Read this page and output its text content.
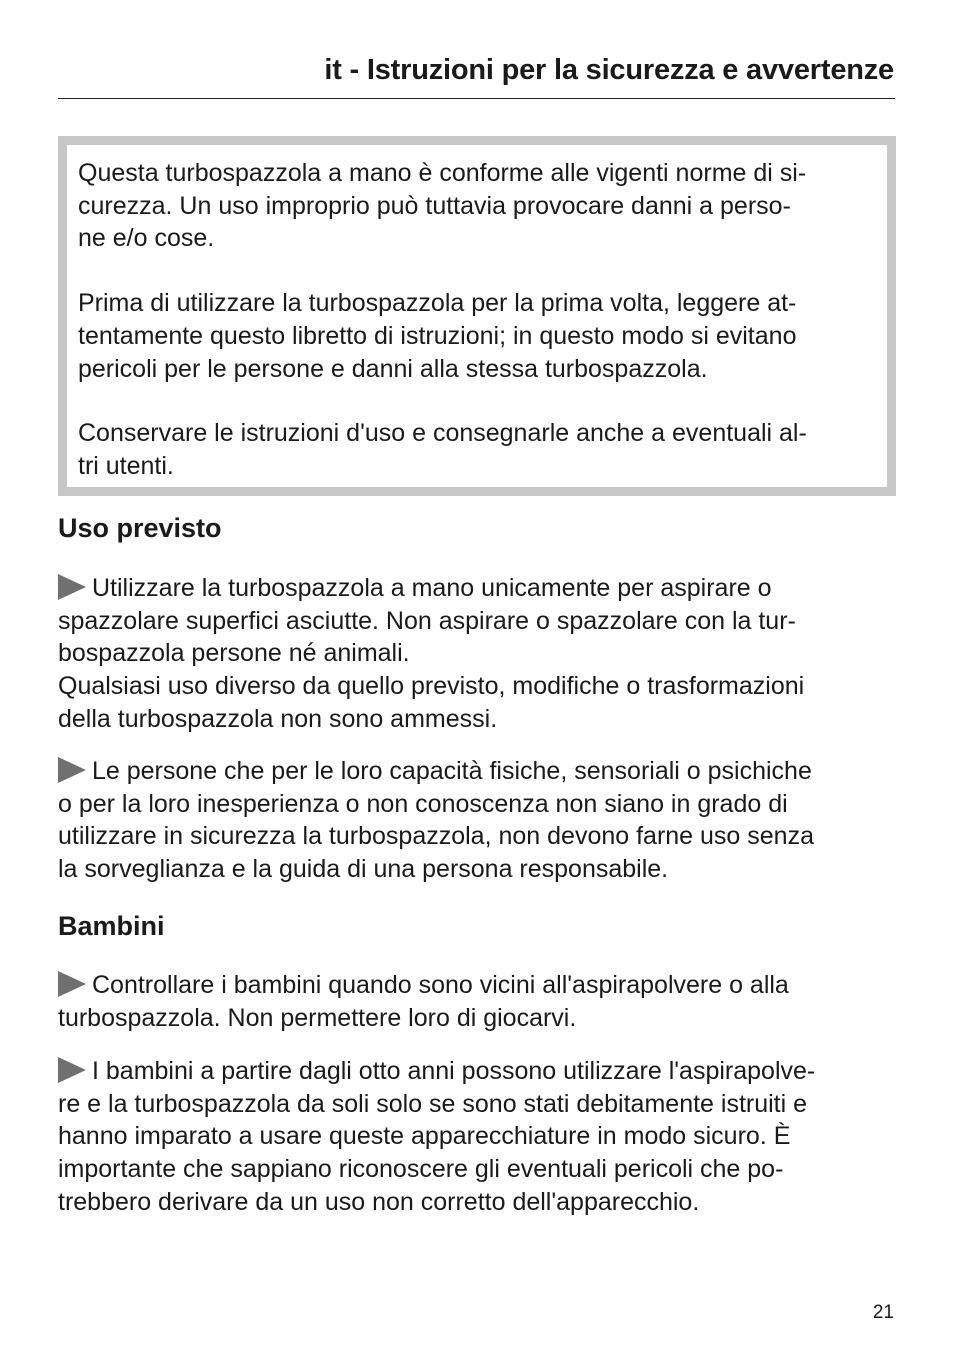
it - Istruzioni per la sicurezza e avvertenze

Questa turbospazzola a mano è conforme alle vigenti norme di si-
curezza. Un uso improprio può tuttavia provocare danni a perso-
ne e/o cose.

Prima di utilizzare la turbospazzola per la prima volta, leggere at-
tentamente questo libretto di istruzioni; in questo modo si evitano
pericoli per le persone e danni alla stessa turbospazzola.

Conservare le istruzioni d'uso e consegnarle anche a eventuali al-
tri utenti.

Uso previsto

Utilizzare la turbospazzola a mano unicamente per aspirare o
spazzolare superfici asciutte. Non aspirare o spazzolare con la tur-
bospazzola persone né animali.
Qualsiasi uso diverso da quello previsto, modifiche o trasformazioni
della turbospazzola non sono ammessi.

Le persone che per le loro capacità fisiche, sensoriali o psichiche
o per la loro inesperienza o non conoscenza non siano in grado di
utilizzare in sicurezza la turbospazzola, non devono farne uso senza
la sorveglianza e la guida di una persona responsabile.

Bambini

Controllare i bambini quando sono vicini all'aspirapolvere o alla
turbospazzola. Non permettere loro di giocarvi.

I bambini a partire dagli otto anni possono utilizzare l'aspirapolve-
re e la turbospazzola da soli solo se sono stati debitamente istruiti e
hanno imparato a usare queste apparecchiature in modo sicuro. È
importante che sappiano riconoscere gli eventuali pericoli che po-
trebbero derivare da un uso non corretto dell'apparecchio.

21
